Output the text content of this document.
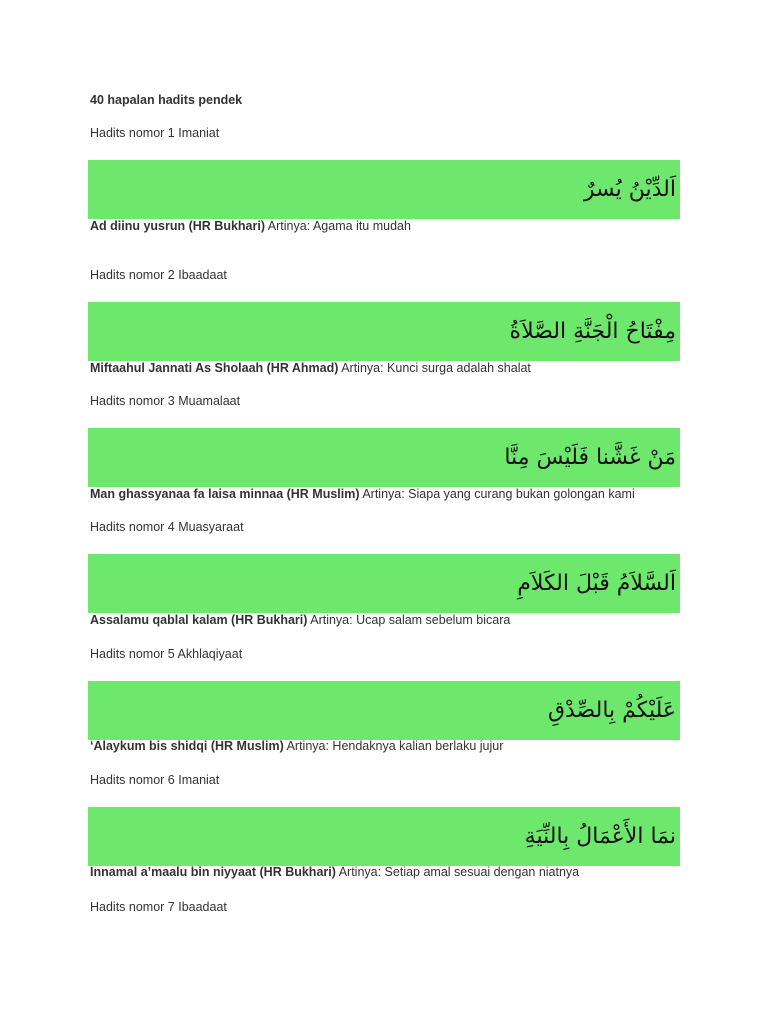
40 hapalan hadits pendek
Hadits nomor 1 Imaniat
اَلدِّيْنُ يُسرٌ
Ad diinu yusrun (HR Bukhari) Artinya: Agama itu mudah
Hadits nomor 2 Ibaadaat
مِفْتَاحُ الْجَنَّةِ الصَّلاَةُ
Miftaahul Jannati As Sholaah (HR Ahmad) Artinya: Kunci surga adalah shalat
Hadits nomor 3 Muamalaat
مَنْ غَشَّنا فَلَيْسَ مِنَّا
Man ghassyanaa fa laisa minnaa (HR Muslim) Artinya: Siapa yang curang bukan golongan kami
Hadits nomor 4 Muasyaraat
اَلسَّلاَمُ قَبْلَ الكَلاَمِ
Assalamu qablal kalam (HR Bukhari) Artinya: Ucap salam sebelum bicara
Hadits nomor 5 Akhlaqiyaat
عَلَيْكُمْ بِالصِّدْقِ
‘Alaykum bis shidqi (HR Muslim) Artinya: Hendaknya kalian berlaku jujur
Hadits nomor 6 Imaniat
نمَا الأَعْمَالُ بِالنِّيَةِ
Innamal a’maalu bin niyyaat (HR Bukhari) Artinya: Setiap amal sesuai dengan niatnya
Hadits nomor 7 Ibaadaat
